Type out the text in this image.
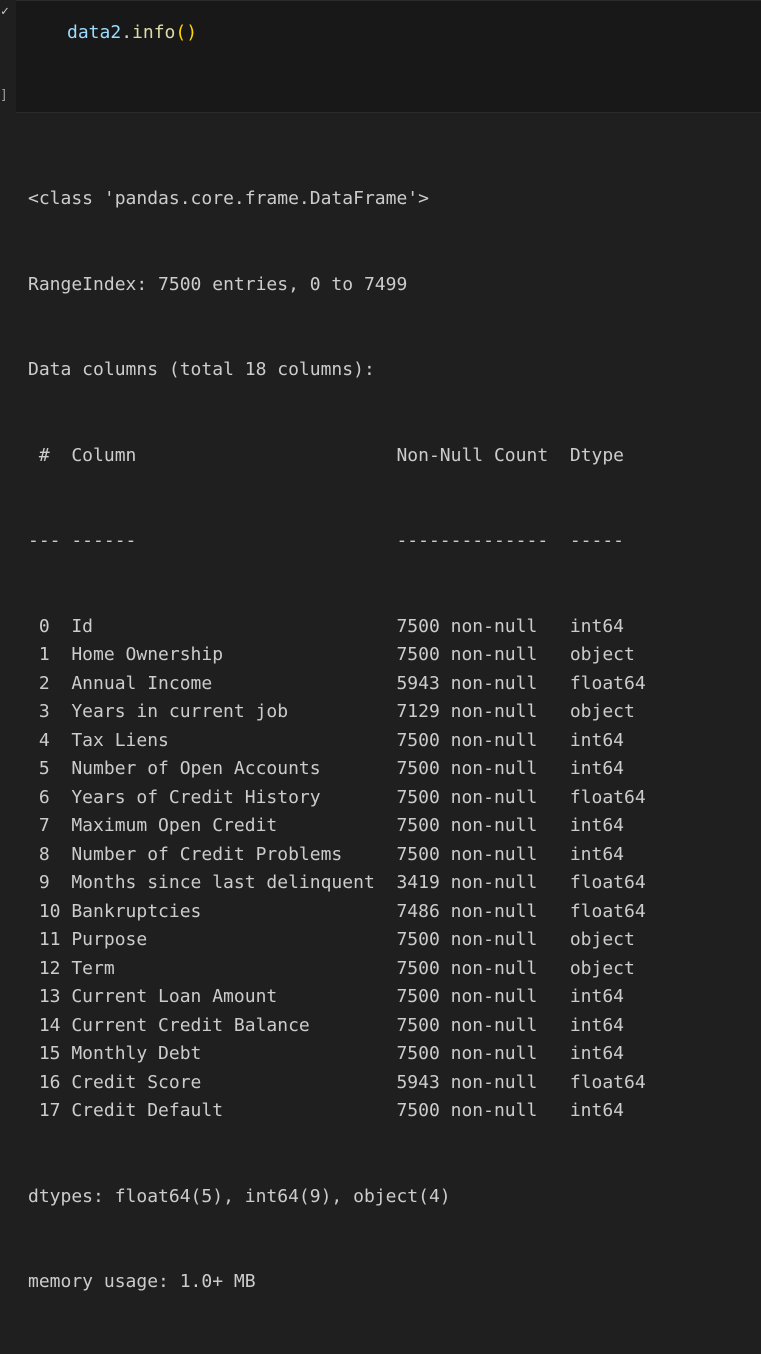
✓
]
data2.info()

<class 'pandas.core.frame.DataFrame'>

RangeIndex: 7500 entries, 0 to 7499

Data columns (total 18 columns):

# Column	Non-Null Count Dtype

--- ------	-------------- -----

0 Id	7500 non-null int64
1 Home Ownership	7500 non-null object
2 Annual Income	5943 non-null float64
3 Years in current job	7129 non-null object
4 Tax Liens	7500 non-null int64
5 Number of Open Accounts	7500 non-null int64
6 Years of Credit History	7500 non-null float64
7 Maximum Open Credit	7500 non-null int64
8 Number of Credit Problems	7500 non-null int64
9 Months since last delinquent 3419 non-null float64
10 Bankruptcies	7486 non-null float64
11 Purpose	7500 non-null object
12 Term	7500 non-null object
13 Current Loan Amount	7500 non-null int64
14 Current Credit Balance	7500 non-null int64
15 Monthly Debt	7500 non-null int64
16 Credit Score	5943 non-null float64
17 Credit Default	7500 non-null int64

dtypes: float64(5), int64(9), object(4)

memory usage: 1.0+ MB
